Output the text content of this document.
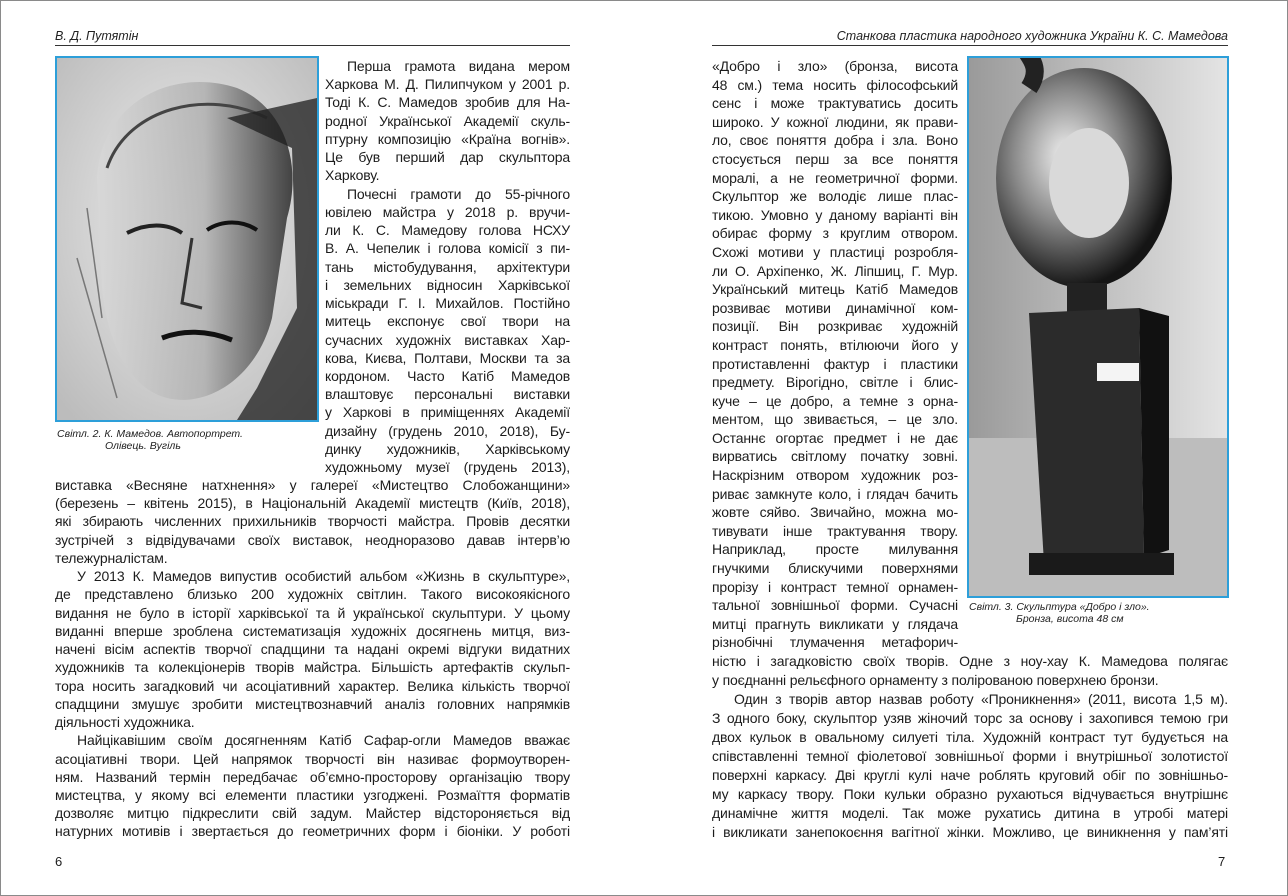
В. Д. Путятін
Світл. 2. К. Мамедов. Автопортрет.
Олівець. Вугіль
Перша грамота видана мером
Харкова М. Д. Пилипчуком у 2001 р.
Тоді К. С. Мамедов зробив для На-
родної Української Академії скуль-
птурну композицію «Країна вогнів».
Це був перший дар скульптора
Харкову.
Почесні грамоти до 55-річного
ювілею майстра у 2018 р. вручи-
ли К. С. Мамедову голова НСХУ
В. А. Чепелик і голова комісії з пи-
тань містобудування, архітектури
і земельних відносин Харківської
міськради Г. І. Михайлов. Постійно
митець експонує свої твори на
сучасних художніх виставках Хар-
кова, Києва, Полтави, Москви та за
кордоном. Часто Катіб Мамедов
влаштовує персональні виставки
у Харкові в приміщеннях Академії
дизайну (грудень 2010, 2018), Бу-
динку художників, Харківському
художньому музеї (грудень 2013),
виставка «Весняне натхнення» у галереї «Мистецтво Слобожанщини»
(березень – квітень 2015), в Національній Академії мистецтв (Київ, 2018),
які збирають численних прихильників творчості майстра. Провів десятки
зустрічей з відвідувачами своїх виставок, неодноразово давав інтерв’ю
тележурналістам.
У 2013 К. Мамедов випустив особистий альбом «Жизнь в скульптуре»,
де представлено близько 200 художніх світлин. Такого високоякісного
видання не було в історії харківської та й української скульптури. У цьому
виданні вперше зроблена систематизація художніх досягнень митця, виз-
начені вісім аспектів творчої спадщини та надані окремі відгуки видатних
художників та колекціонерів творів майстра. Більшість артефактів скульп-
тора носить загадковий чи асоціативний характер. Велика кількість творчої
спадщини змушує зробити мистецтвознавчий аналіз головних напрямків
діяльності художника.
Найцікавішим своїм досягненням Катіб Сафар-огли Мамедов вважає
асоціативні твори. Цей напрямок творчості він називає формоутворен-
ням. Названий термін передбачає об’ємно-просторову організацію твору
мистецтва, у якому всі елементи пластики узгоджені. Розмаїття форматів
дозволяє митцю підкреслити свій задум. Майстер відстороняється від
натурних мотивів і звертається до геометричних форм і біоніки. У роботі
6
Станкова пластика народного художника України К. С. Мамедова
«Добро і зло» (бронза, висота
48 см.) тема носить філософський
сенс і може трактуватись досить
широко. У кожної людини, як прави-
ло, своє поняття добра і зла. Воно
стосується перш за все поняття
моралі, а не геометричної форми.
Скульптор же володіє лише плас-
тикою. Умовно у даному варіанті він
обирає форму з круглим отвором.
Схожі мотиви у пластиці розробля-
ли О. Архіпенко, Ж. Ліпшиц, Г. Мур.
Український митець Катіб Мамедов
розвиває мотиви динамічної ком-
позиції. Він розкриває художній
контраст понять, втілюючи його у
протиставленні фактур і пластики
предмету. Вірогідно, світле і блис-
куче – це добро, а темне з орна-
ментом, що звивається, – це зло.
Останнє огортає предмет і не дає
вирватись світлому початку зовні.
Наскрізним отвором художник роз-
риває замкнуте коло, і глядач бачить
жовте сяйво. Звичайно, можна мо-
тивувати інше трактування твору.
Наприклад, просте милування
гнучкими блискучими поверхнями
прорізу і контраст темної орнамен-
тальної зовнішньої форми. Сучасні
митці прагнуть викликати у глядача
різнобічні тлумачення метафорич-
Світл. 3. Скульптура «Добро і зло».
Бронза, висота 48 см
ністю і загадковістю своїх творів. Одне з ноу-хау К. Мамедова полягає
у поєднанні рельєфного орнаменту з полірованою поверхнею бронзи.
Один з творів автор назвав роботу «Проникнення» (2011, висота 1,5 м).
З одного боку, скульптор узяв жіночий торс за основу і захопився темою гри
двох кульок в овальному силуеті тіла. Художній контраст тут будується на
співставленні темної фіолетової зовнішньої форми і внутрішньої золотистої
поверхні каркасу. Дві круглі кулі наче роблять круговий обіг по зовнішньо-
му каркасу твору. Поки кульки образно рухаються відчувається внутрішнє
динамічне життя моделі. Так може рухатись дитина в утробі матері
і викликати занепокоєння вагітної жінки. Можливо, це виникнення у пам’яті
7
